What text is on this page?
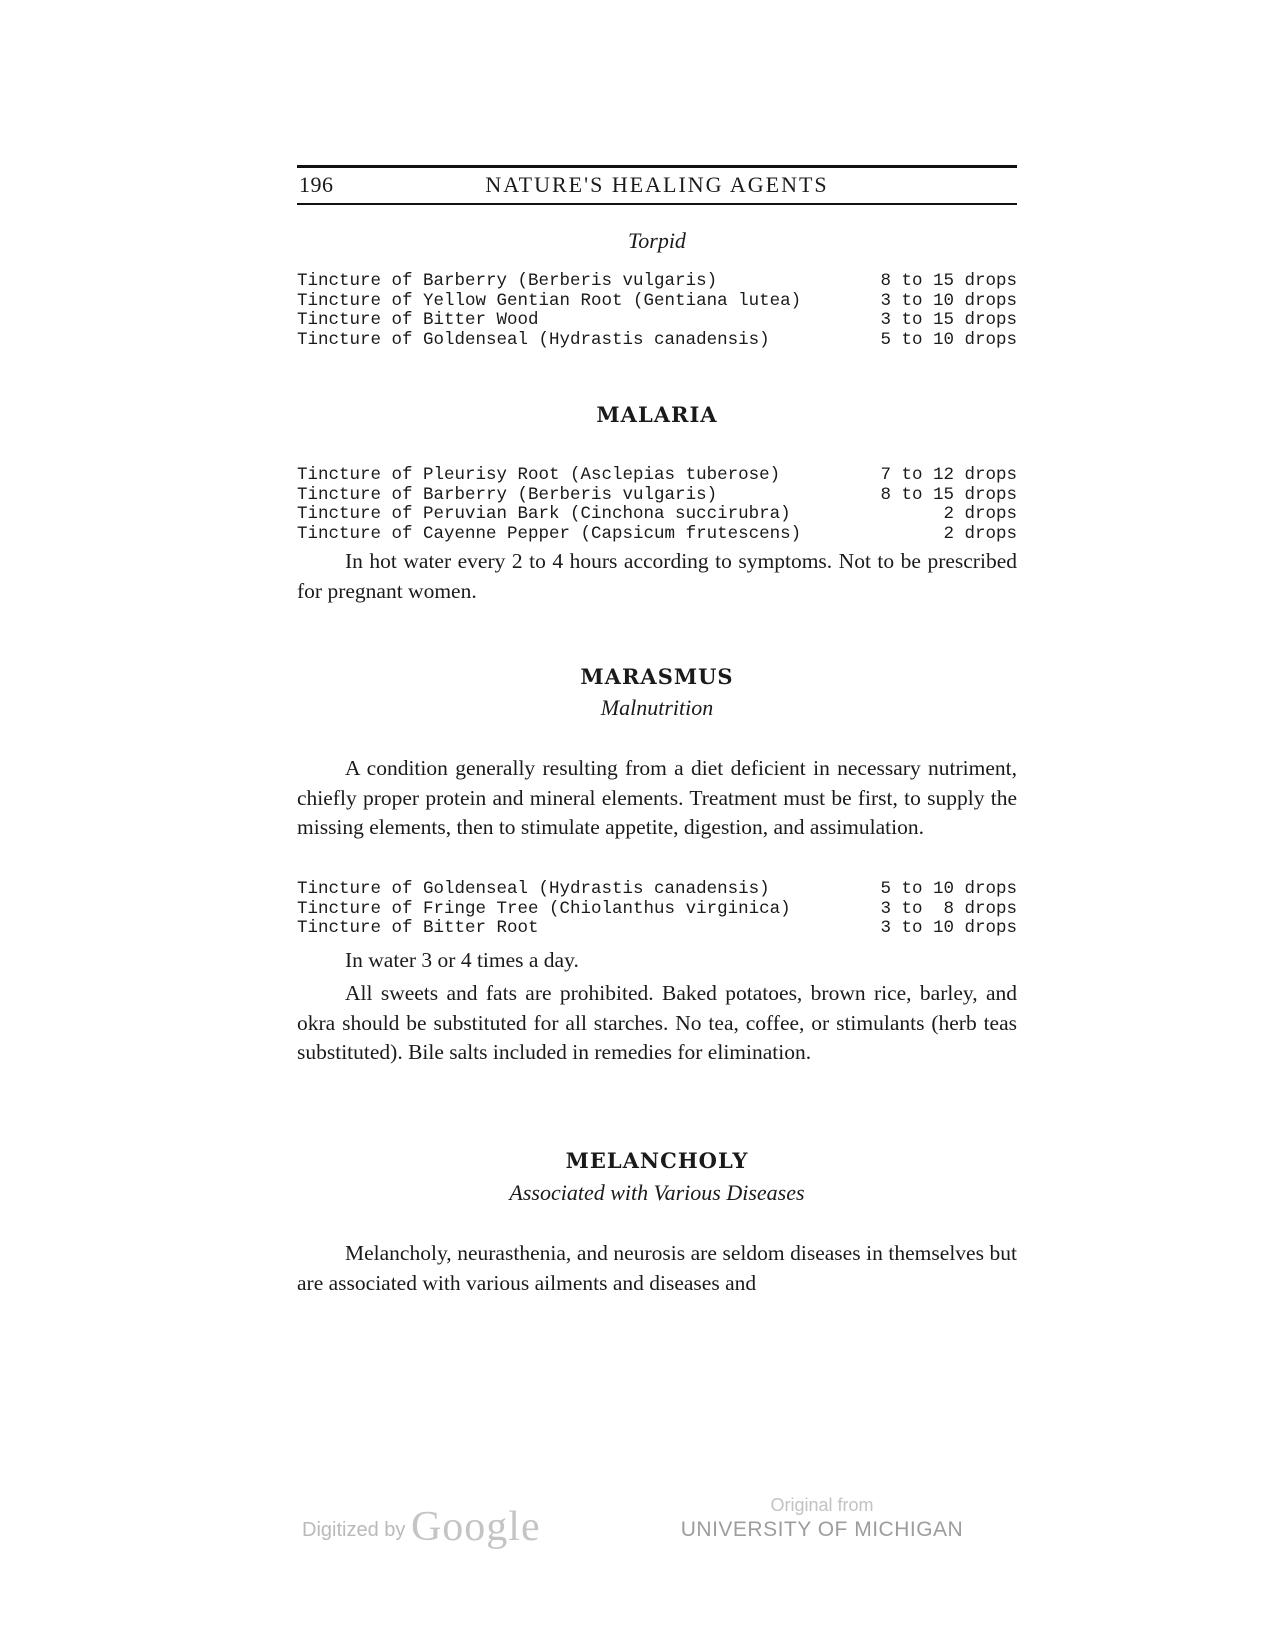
196	NATURE'S HEALING AGENTS
Torpid
Tincture of Barberry (Berberis vulgaris)	8 to 15 drops
Tincture of Yellow Gentian Root (Gentiana lutea)	3 to 10 drops
Tincture of Bitter Wood	3 to 15 drops
Tincture of Goldenseal (Hydrastis canadensis)	5 to 10 drops
MALARIA
Tincture of Pleurisy Root (Asclepias tuberose)	7 to 12 drops
Tincture of Barberry (Berberis vulgaris)	8 to 15 drops
Tincture of Peruvian Bark (Cinchona succirubra)	2 drops
Tincture of Cayenne Pepper (Capsicum frutescens)	2 drops

In hot water every 2 to 4 hours according to symptoms. Not to be prescribed for pregnant women.

MARASMUS
Malnutrition

A condition generally resulting from a diet deficient in necessary nutriment, chiefly proper protein and mineral elements. Treatment must be first, to supply the missing elements, then to stimulate appetite, digestion, and assimulation.

Tincture of Goldenseal (Hydrastis canadensis)	5 to 10 drops
Tincture of Fringe Tree (Chiolanthus virginica)	3 to  8 drops
Tincture of Bitter Root	3 to 10 drops

In water 3 or 4 times a day.

All sweets and fats are prohibited. Baked potatoes, brown rice, barley, and okra should be substituted for all starches. No tea, coffee, or stimulants (herb teas substituted). Bile salts included in remedies for elimination.

MELANCHOLY
Associated with Various Diseases

Melancholy, neurasthenia, and neurosis are seldom diseases in themselves but are associated with various ailments and diseases and

Digitized by Google	Original from
UNIVERSITY OF MICHIGAN
